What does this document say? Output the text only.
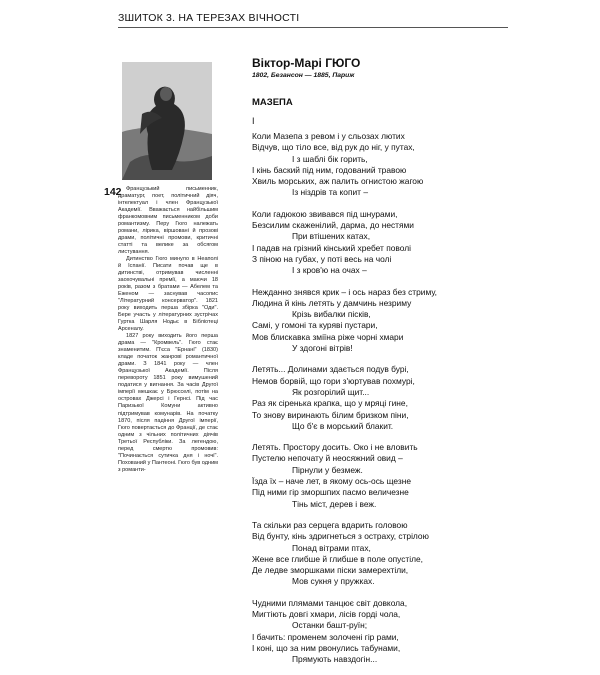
ЗШИТОК 3. НА ТЕРЕЗАХ ВІЧНОСТІ
142 Французький письменник, драматург, поет, політичний діяч, інтелектуал і член Французької Академії. Вважається найбільшим франкомовним письменником доби романтизму. Перу Гюго належать романи, лірика, віршовані й прозові драми, політичні промови, критичні статті та велике за обсягом листування.

Дитинство Гюго минуло в Неаполі й Іспанії. Писати почав ще в дитинстві, отримував численні заохочувальні премії, а маючи 18 років, разом з братами — Абелем та Еженом — заснував часопис "Літературний консерватор". 1821 року виходить перша збірка "Оди". Бере участь у літературних зустрічах Гуртка Шарля Нодьє в Бібліотеці Арсеналу.

1827 року виходить його перша драма — "Кромвель". Гюго стає знаменитим. П'єса "Ернані" (1830) кладе початок жанрові романтичної драми. З 1841 року — член Французької Академії. Після перевороту 1851 року вимушений податися у вигнання. За часів Другої імперії мешкає у Брюсселі, потім на островах Джерсі і Гернсі. Під час Паризької Комуни активно підтримував комунарів. На початку 1870, після падіння Другої імперії, Гюго повертається до Франції, де стає одним з чільних політичних діячів Третьої Республіки. За легендою, перед смертю промовив: "Починається сутичка дня і ночі". Похований у Пантеоні. Гюго був одним з романти-

Віктор-Марі ГЮГО
1802, Безансон — 1885, Париж
МАЗЕПА
I
Коли Мазепа з ревом і у сльозах лютих
Відчув, що тіло все, від рук до ніг, у путах,
І з шаблі бік горить,
І кінь баский під ним, годований травою
Хвиль морських, аж палить огнистою жагою
Із ніздрів та копит –
Коли гадюкою звивався під шнурами,
Безсилим скаженілий, дарма, до нестями
При втішених катах,
І падав на грізний кінський хребет поволі
З піною на губах, у поті весь на чолі
І з кров'ю на очах –
Нежданно знявся крик – і ось нараз без стриму,
Людина й кінь летять у дамчинь незриму
Крізь вибалки пісків,
Самі, у гомоні та курявi пустари,
Мов блискавка зміїна ріже чорні хмари
У здогоні вітрів!
Летять... Долинами здається подув бурі,
Немов борвій, що гори з'юртував похмурі,
Як розгорілий щит...
Раз як сіренька крапка, що у мряці гине,
То знову виринають білим бризком піни,
Що б'є в морський блакит.
Летять. Простору досить. Око і не вловить
Пустелю непочату й неосяжний овид –
Пірнули у безмеж.
Їзда їх – наче лет, в якому ось-ось щезне
Під ними гір зморшпих пасмо величезне
Тінь міст, дерев і веж.
Та скільки раз серцега вдарить головою
Від бунту, кінь здригнеться з остраху, стрілою
Понад вітрами птах,
Жене все глибше й глибше в поле опустіле,
Де ледве зморшками піски замерехтіли,
Мов сукня у пружках.
Чудними плямами танцює світ довкола,
Мигтіють довгі хмари, лісів горді чола,
Останки башт-руїн;
І бачить: променем золочені гір рами,
І коні, що за ним рвонулись табунами,
Прямують навздогін...
